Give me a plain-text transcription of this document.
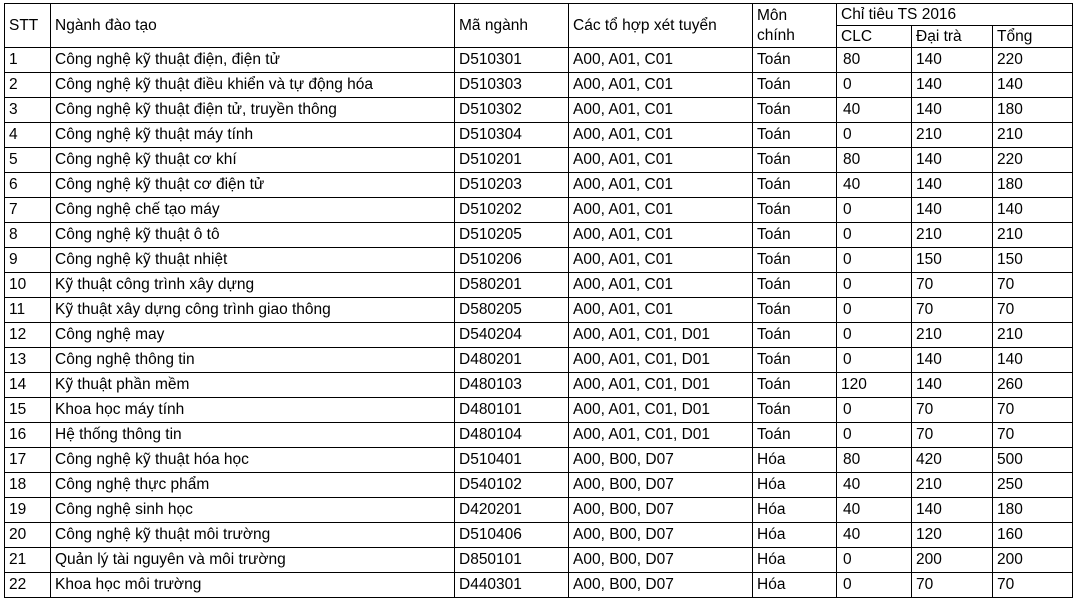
STT	Ngành đào tạo	Mã ngành	Các tổ hợp xét tuyển	Môn
chính	Chỉ tiêu TS 2016		
					CLC	Đại trà	Tổng
1	Công nghệ kỹ thuật điện, điện tử	D510301	A00, A01, C01	Toán	80	140	220
2	Công nghệ kỹ thuật điều khiển và tự động hóa	D510303	A00, A01, C01	Toán	0	140	140
3	Công nghệ kỹ thuật điện tử, truyền thông	D510302	A00, A01, C01	Toán	40	140	180
4	Công nghệ kỹ thuật máy tính	D510304	A00, A01, C01	Toán	0	210	210
5	Công nghệ kỹ thuật cơ khí	D510201	A00, A01, C01	Toán	80	140	220
6	Công nghệ kỹ thuật cơ điện tử	D510203	A00, A01, C01	Toán	40	140	180
7	Công nghệ chế tạo máy	D510202	A00, A01, C01	Toán	0	140	140
8	Công nghệ kỹ thuật ô tô	D510205	A00, A01, C01	Toán	0	210	210
9	Công nghệ kỹ thuật nhiệt	D510206	A00, A01, C01	Toán	0	150	150
10	Kỹ thuật công trình xây dựng	D580201	A00, A01, C01	Toán	0	70	70
11	Kỹ thuật xây dựng công trình giao thông	D580205	A00, A01, C01	Toán	0	70	70
12	Công nghệ may	D540204	A00, A01, C01, D01	Toán	0	210	210
13	Công nghệ thông tin	D480201	A00, A01, C01, D01	Toán	0	140	140
14	Kỹ thuật phần mềm	D480103	A00, A01, C01, D01	Toán	120	140	260
15	Khoa học máy tính	D480101	A00, A01, C01, D01	Toán	0	70	70
16	Hệ thống thông tin	D480104	A00, A01, C01, D01	Toán	0	70	70
17	Công nghệ kỹ thuật hóa học	D510401	A00, B00, D07	Hóa	80	420	500
18	Công nghệ thực phẩm	D540102	A00, B00, D07	Hóa	40	210	250
19	Công nghệ sinh học	D420201	A00, B00, D07	Hóa	40	140	180
20	Công nghệ kỹ thuật môi trường	D510406	A00, B00, D07	Hóa	40	120	160
21	Quản lý tài nguyên và môi trường	D850101	A00, B00, D07	Hóa	0	200	200
22	Khoa học môi trường	D440301	A00, B00, D07	Hóa	0	70	70
